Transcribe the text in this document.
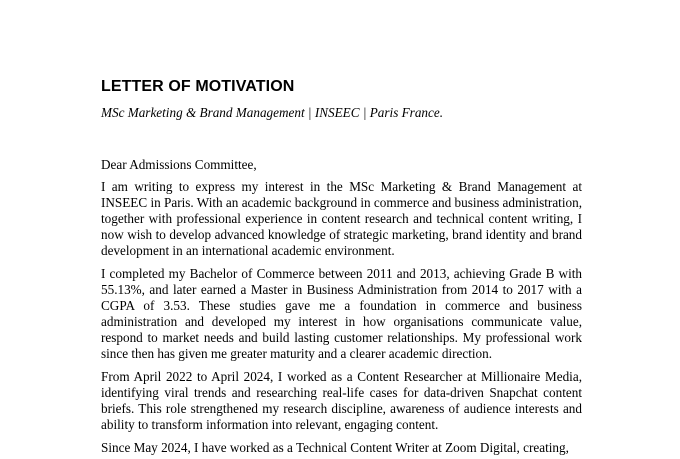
LETTER OF MOTIVATION

MSc Marketing & Brand Management | INSEEC | Paris France.

Dear Admissions Committee,

I am writing to express my interest in the MSc Marketing & Brand Management at INSEEC in Paris. With an academic background in commerce and business administration, together with professional experience in content research and technical content writing, I now wish to develop advanced knowledge of strategic marketing, brand identity and brand development in an international academic environment.

I completed my Bachelor of Commerce between 2011 and 2013, achieving Grade B with 55.13%, and later earned a Master in Business Administration from 2014 to 2017 with a CGPA of 3.53. These studies gave me a foundation in commerce and business administration and developed my interest in how organisations communicate value, respond to market needs and build lasting customer relationships. My professional work since then has given me greater maturity and a clearer academic direction.

From April 2022 to April 2024, I worked as a Content Researcher at Millionaire Media, identifying viral trends and researching real-life cases for data-driven Snapchat content briefs. This role strengthened my research discipline, awareness of audience interests and ability to transform information into relevant, engaging content.

Since May 2024, I have worked as a Technical Content Writer at Zoom Digital, creating,
